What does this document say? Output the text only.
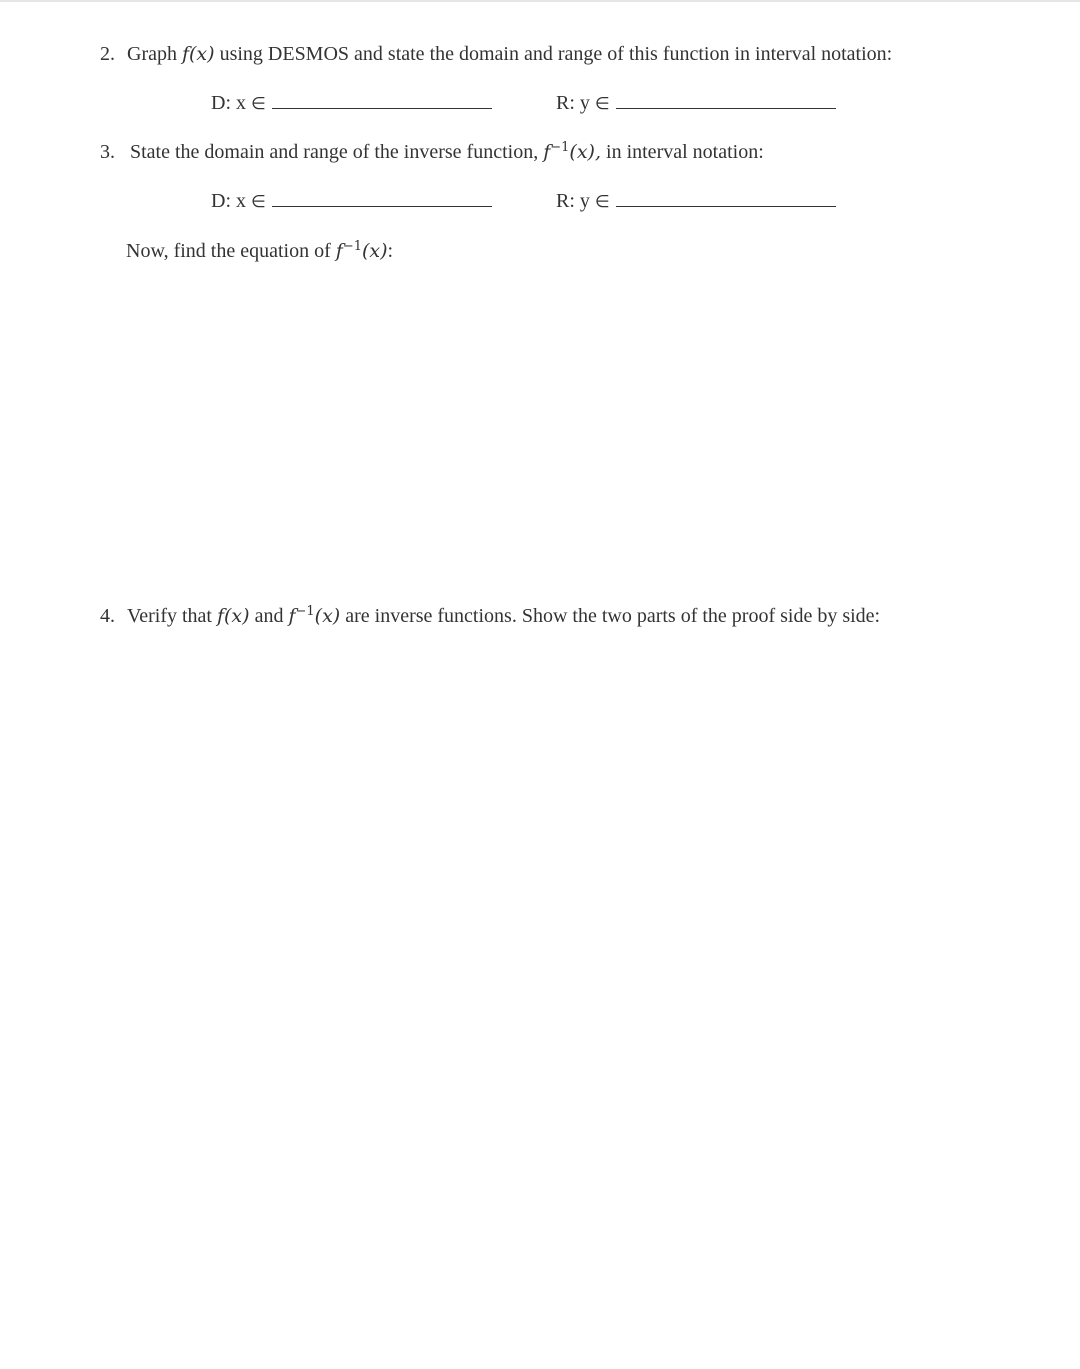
2. Graph f(x) using DESMOS and state the domain and range of this function in interval notation:
D: x ∈	R: y ∈
3. State the domain and range of the inverse function, $f^{-1}(x)$, in interval notation:
D: x ∈	R: y ∈
Now, find the equation of $f^{-1}(x)$:
4. Verify that f(x) and $f^{-1}(x)$ are inverse functions. Show the two parts of the proof side by side:
